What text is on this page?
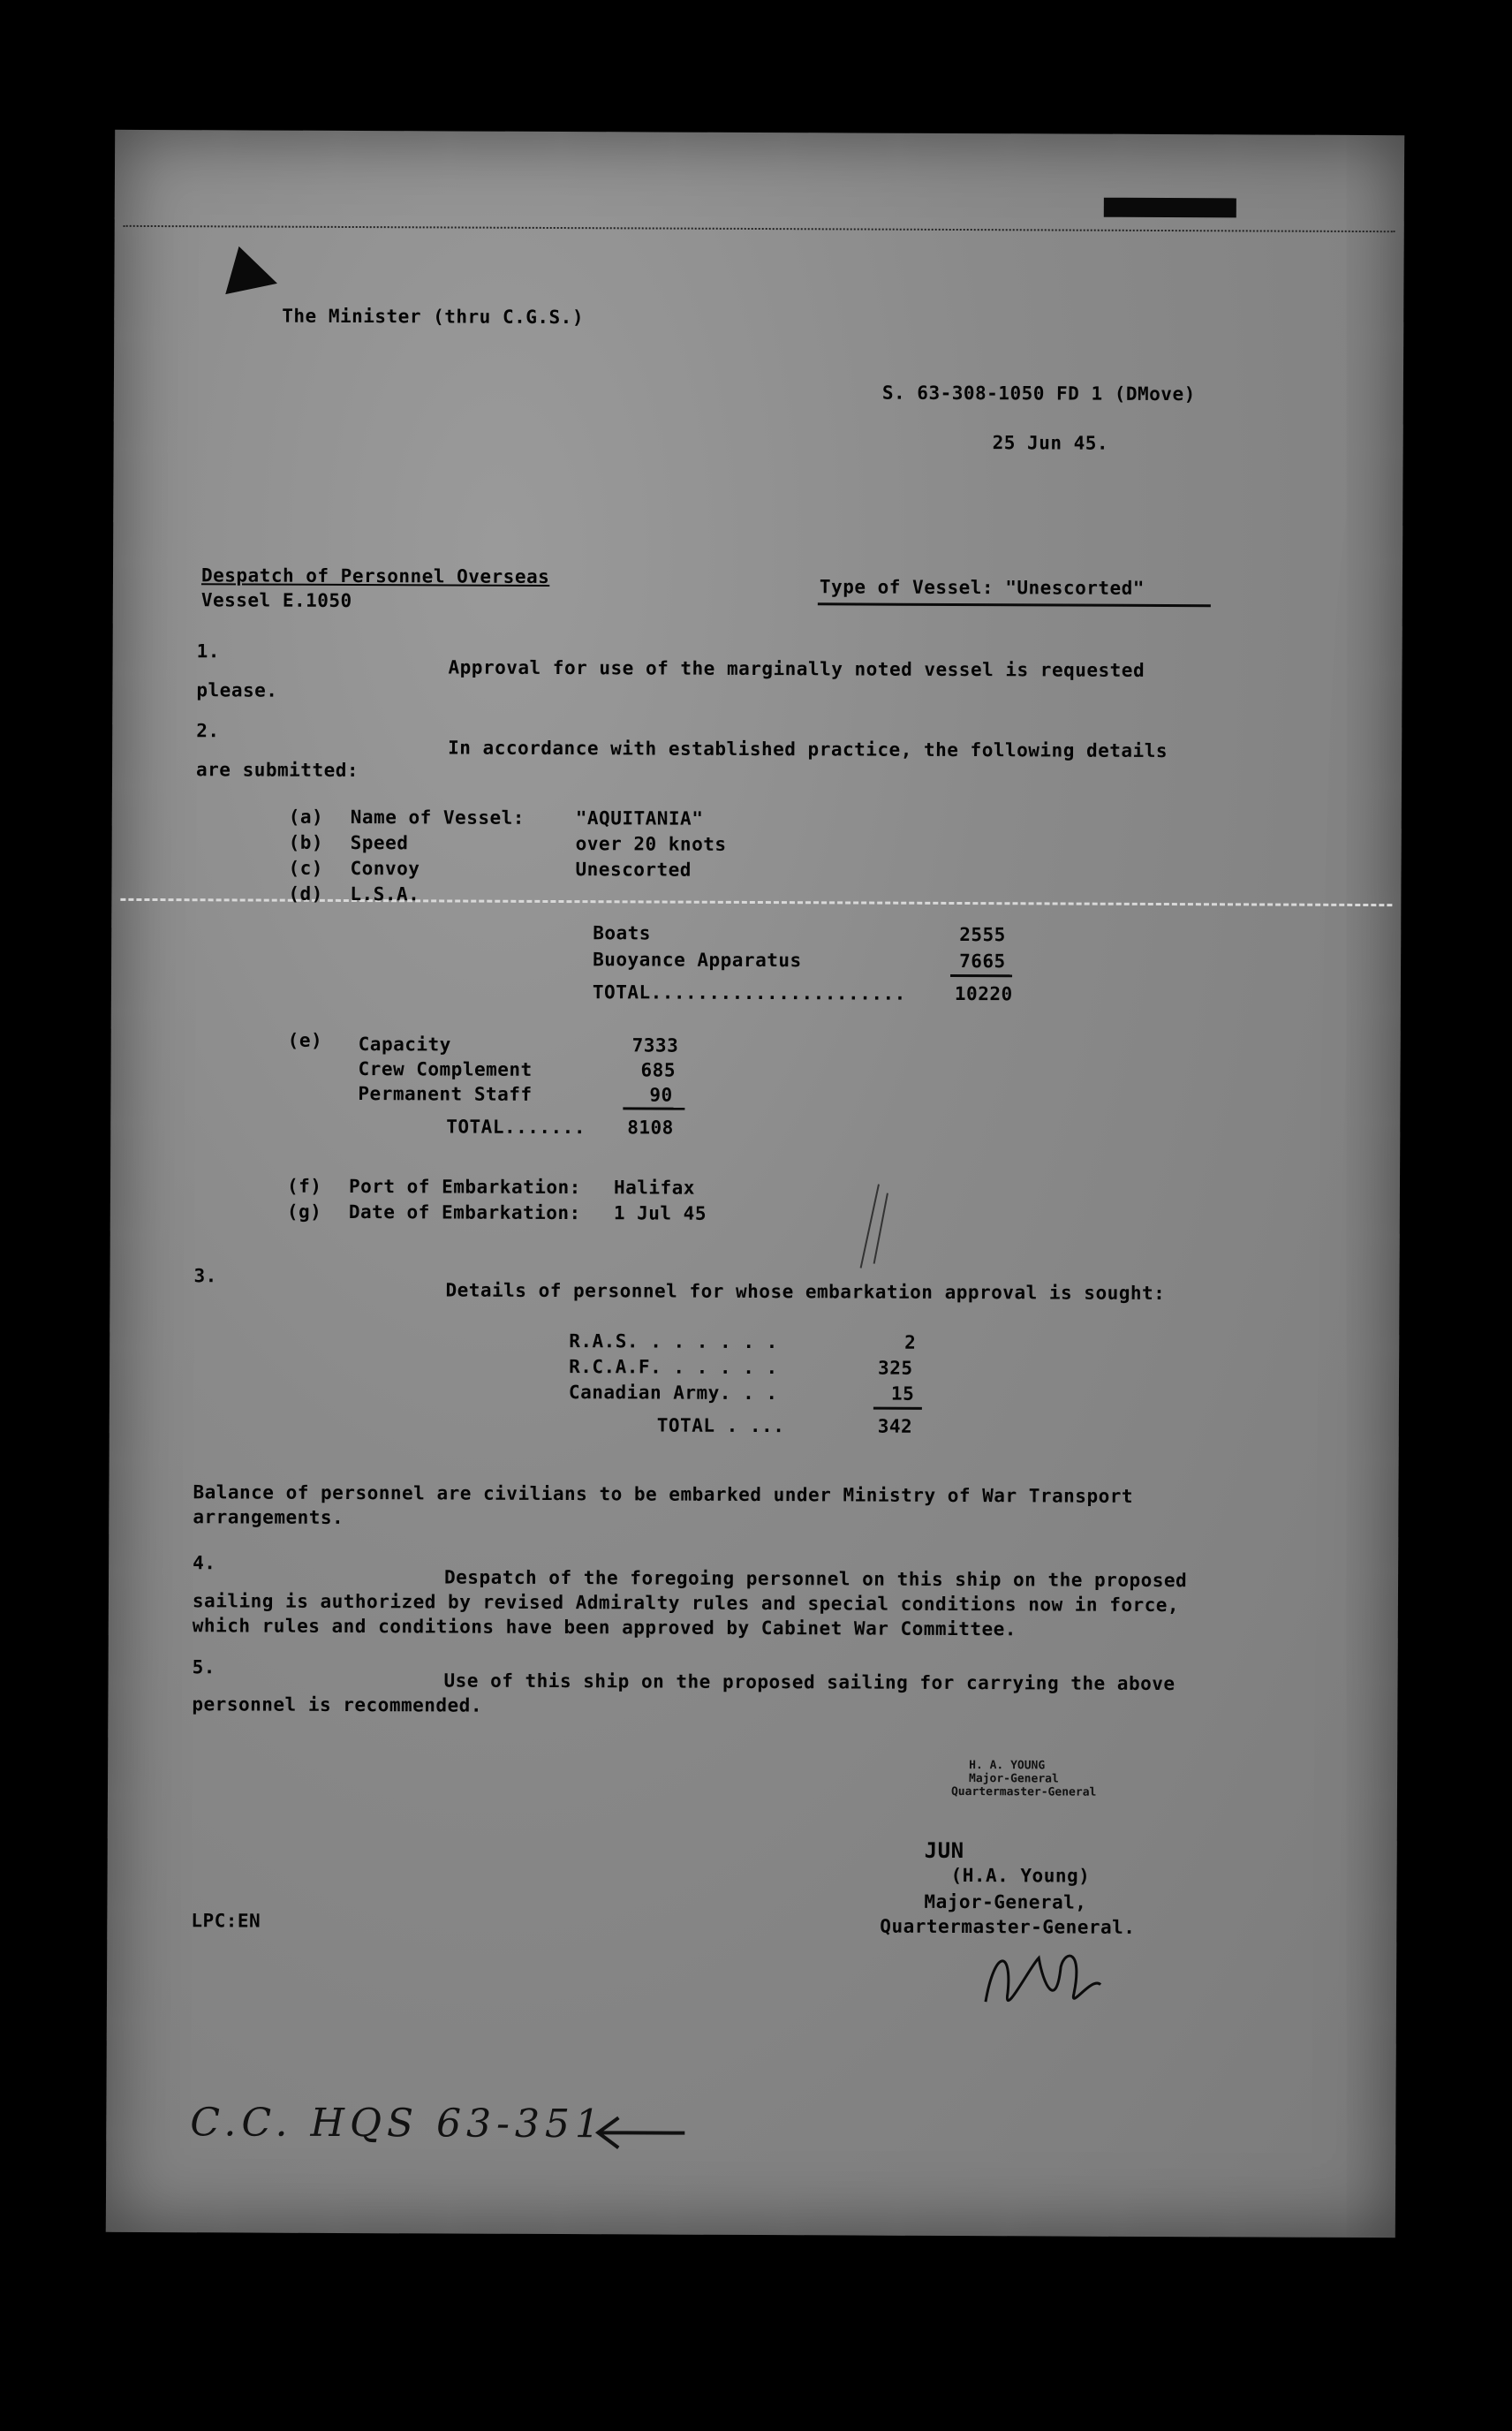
The Minister (thru C.G.S.)
S. 63-308-1050 FD 1 (DMove)
25 Jun 45.
Despatch of Personnel Overseas
Vessel E.1050
Type of Vessel: "Unescorted"
1.
Approval for use of the marginally noted vessel is requested
please.
2.
In accordance with established practice, the following details
are submitted:
(a) Name of Vessel:	"AQUITANIA"
(b) Speed	over 20 knots
(c) Convoy	Unescorted
(d) L.S.A.
Boats	2555
Buoyance Apparatus	7665
TOTAL......................	10220
(e) Capacity	7333
Crew Complement	685
Permanent Staff	90
TOTAL....... 8108
(f) Port of Embarkation: Halifax
(g) Date of Embarkation: 1 Jul 45
3.
Details of personnel for whose embarkation approval is sought:
R.A.S. . . . . . .	2
R.C.A.F. . . . . .	325
Canadian Army. . .	15
TOTAL . ...	342
Balance of personnel are civilians to be embarked under Ministry of War Transport
arrangements.
4.
Despatch of the foregoing personnel on this ship on the proposed
sailing is authorized by revised Admiralty rules and special conditions now in force,
which rules and conditions have been approved by Cabinet War Committee.
5.
Use of this ship on the proposed sailing for carrying the above
personnel is recommended.
H. A. YOUNG
Major-General
Quartermaster-General
JUN
(H.A. Young)
Major-General,
Quartermaster-General.
LPC:EN
C.C. HQS 63-351
